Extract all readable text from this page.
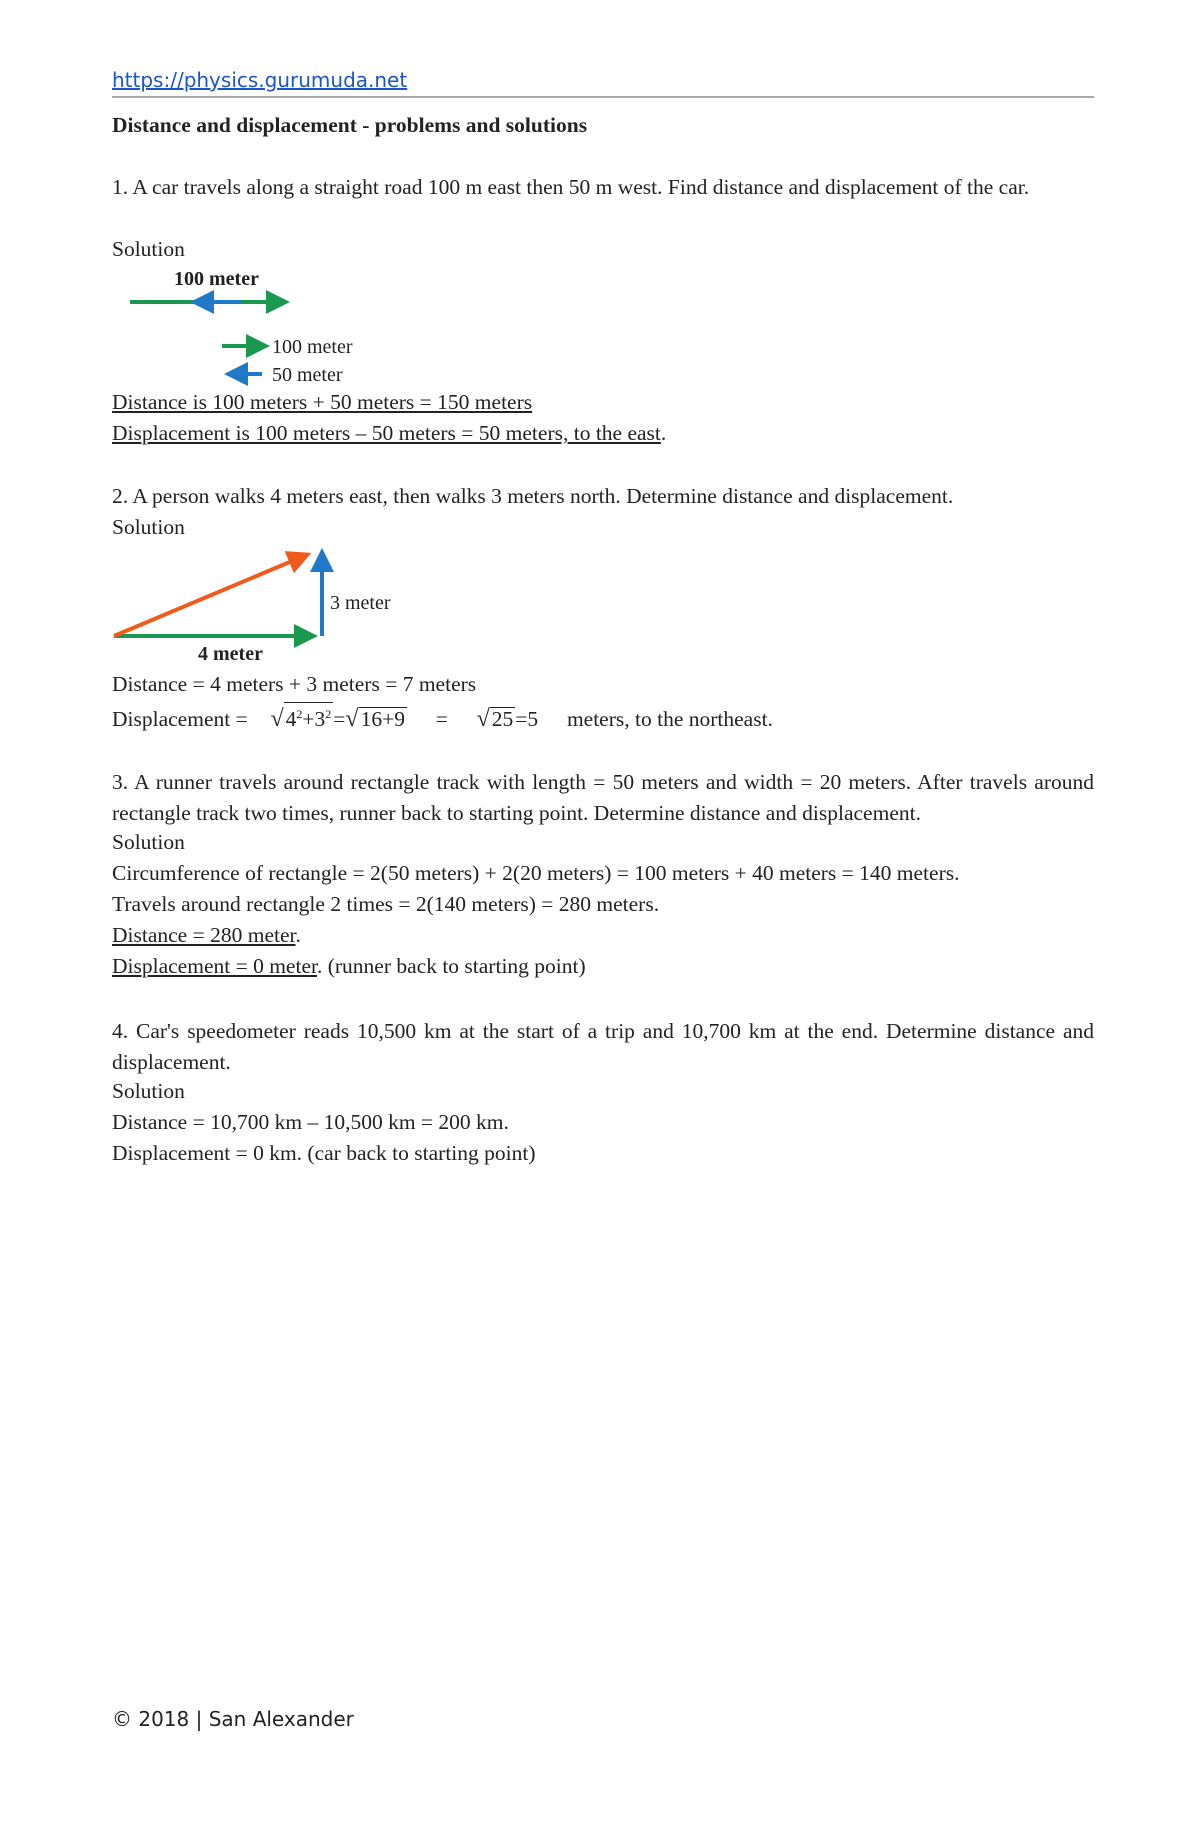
https://physics.gurumuda.net
Distance and displacement - problems and solutions
1. A car travels along a straight road 100 m east then 50 m west. Find distance and displacement of the car.
Solution
100 meter
100 meter
50 meter
Distance is 100 meters + 50 meters = 150 meters
Displacement is 100 meters – 50 meters = 50 meters, to the east.
2. A person walks 4 meters east, then walks 3 meters north. Determine distance and displacement.
Solution
3 meter
4 meter
Distance = 4 meters + 3 meters = 7 meters
Displacement = $√4^2+3^2=√16+9 = √25=5$ meters, to the northeast.
3. A runner travels around rectangle track with length = 50 meters and width = 20 meters. After travels around rectangle track two times, runner back to starting point. Determine distance and displacement.
Solution
Circumference of rectangle = 2(50 meters) + 2(20 meters) = 100 meters + 40 meters = 140 meters.
Travels around rectangle 2 times = 2(140 meters) = 280 meters.
Distance = 280 meter.
Displacement = 0 meter. (runner back to starting point)
4. Car's speedometer reads 10,500 km at the start of a trip and 10,700 km at the end. Determine distance and displacement.
Solution
Distance = 10,700 km – 10,500 km = 200 km.
Displacement = 0 km. (car back to starting point)
© 2018 | San Alexander
